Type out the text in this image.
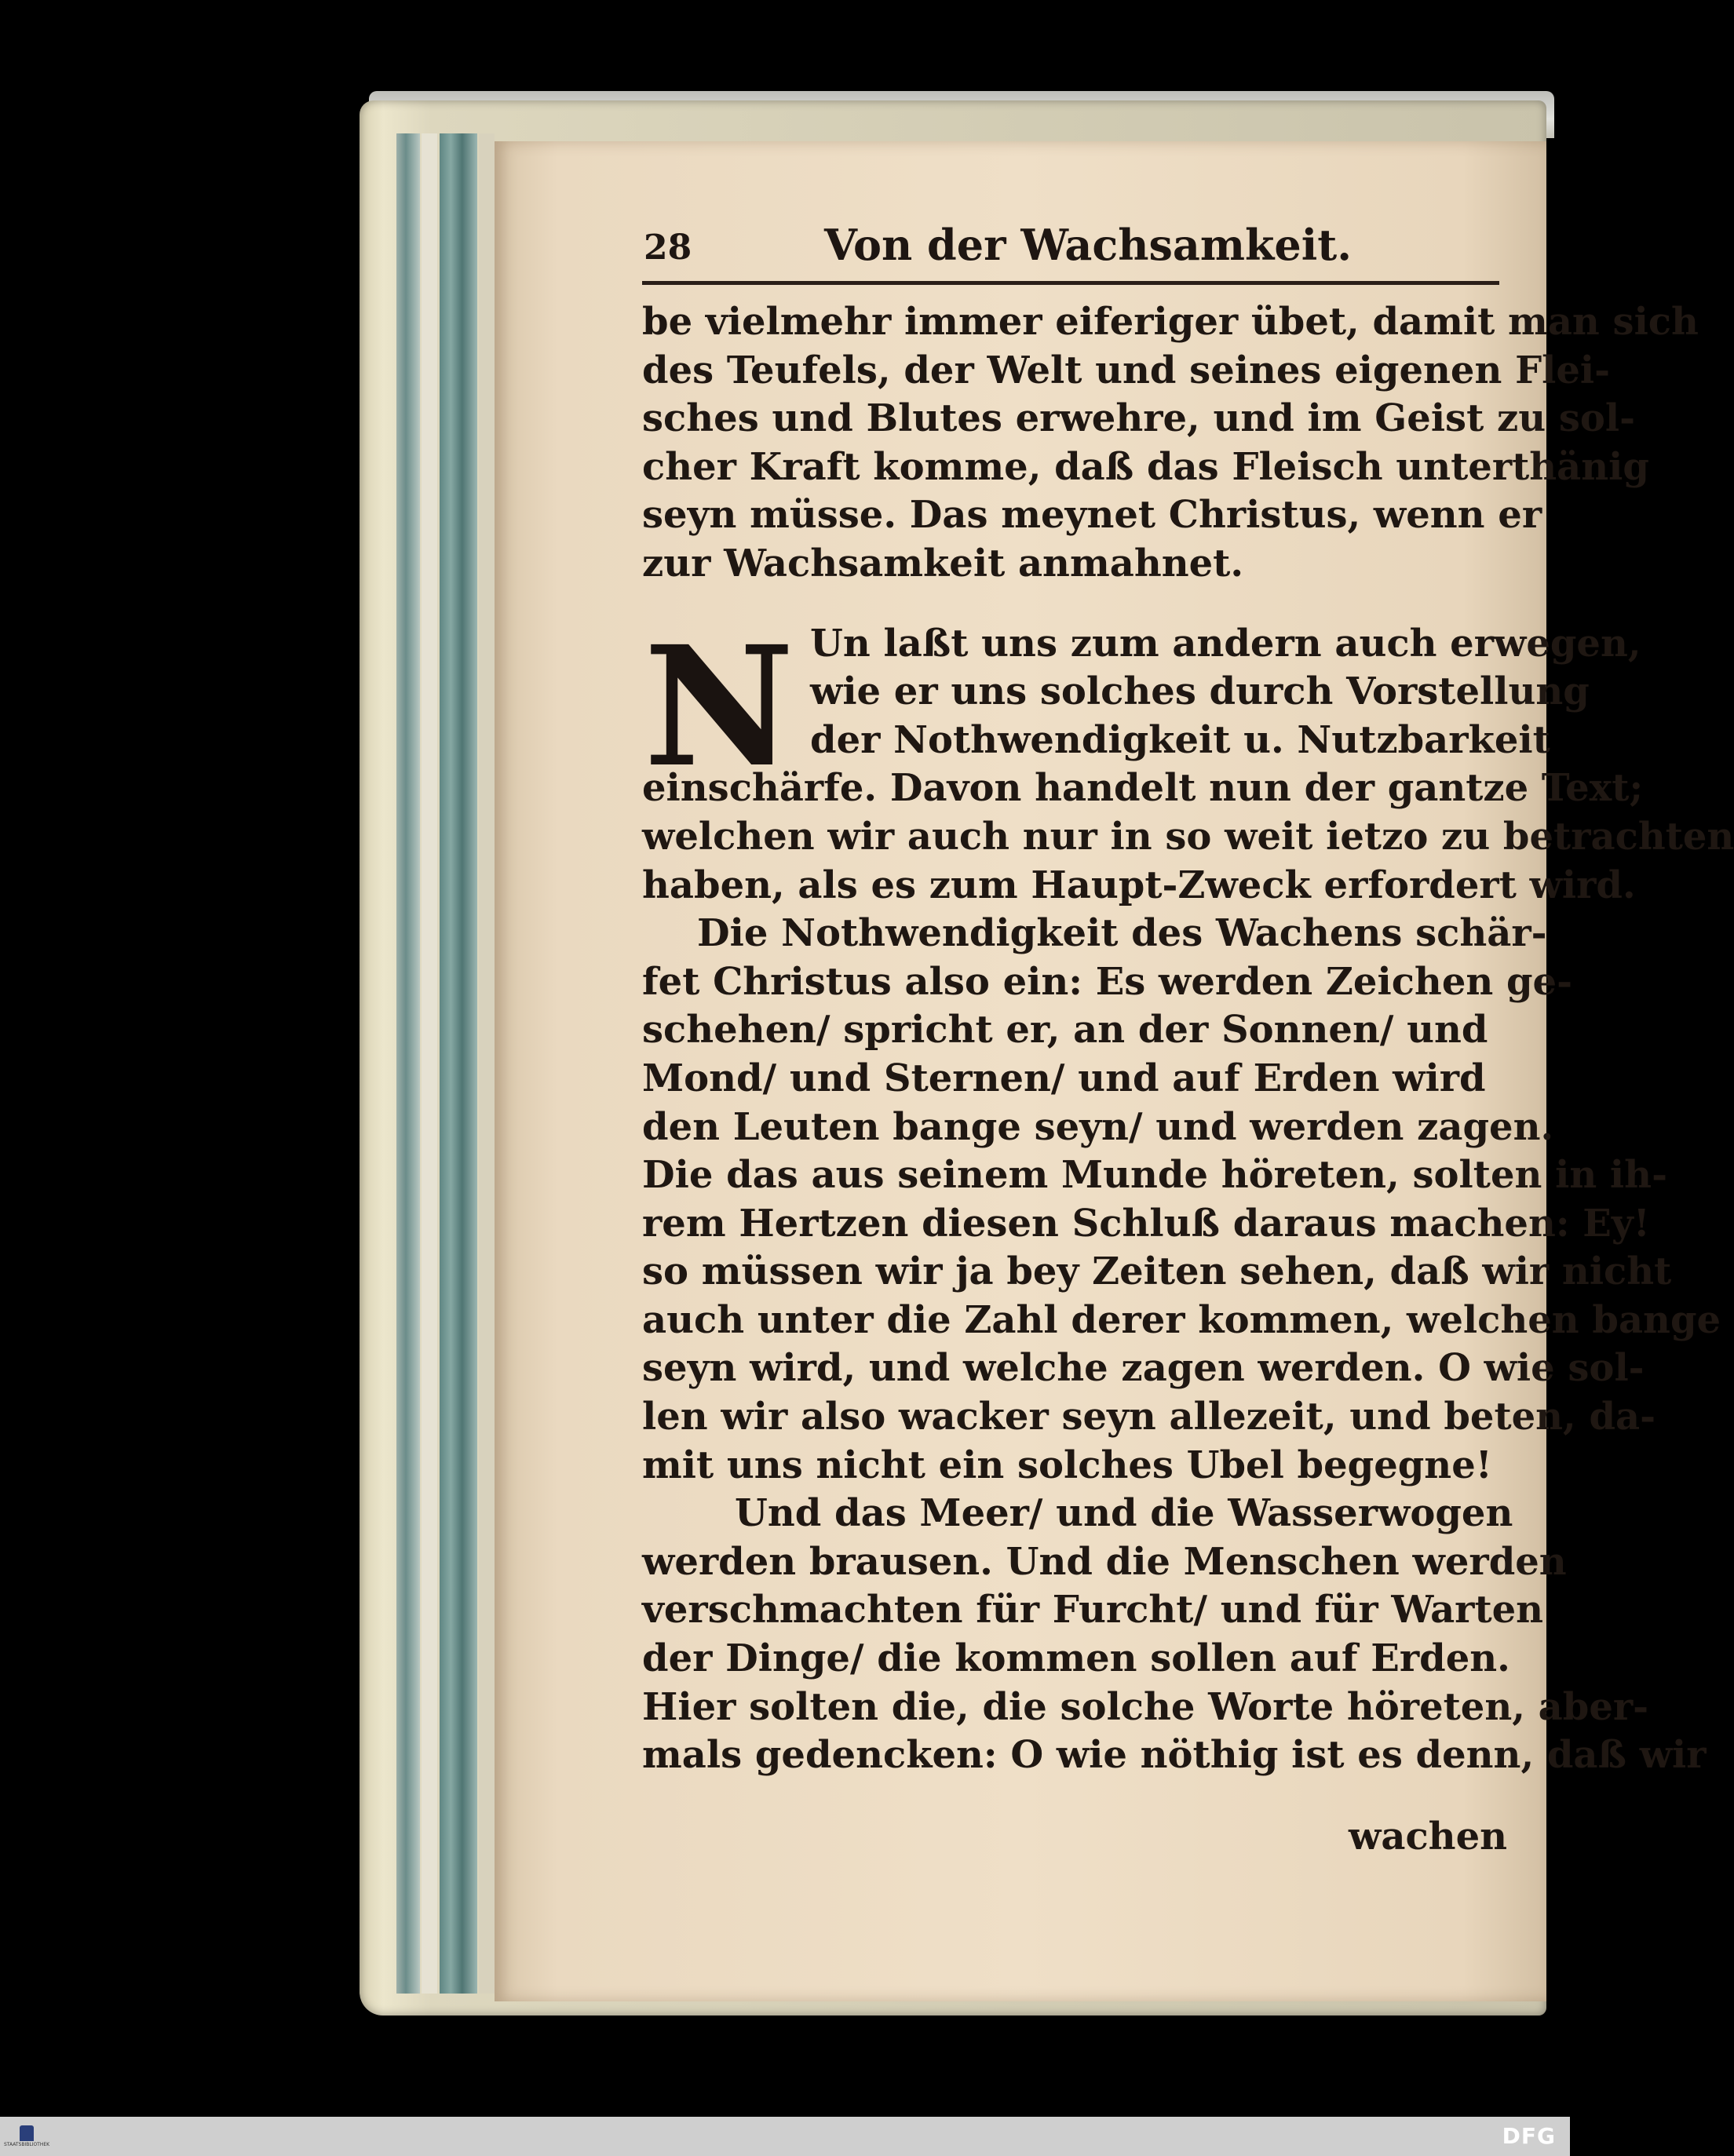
28	Von der Wachsamkeit.
be vielmehr immer eiferiger übet, damit man sich
des Teufels, der Welt und seines eigenen Flei-
sches und Blutes erwehre, und im Geist zu sol-
cher Kraft komme, daß das Fleisch unterthänig
seyn müsse. Das meynet Christus, wenn er
zur Wachsamkeit anmahnet.
N Un laßt uns zum andern auch erwegen,
wie er uns solches durch Vorstellung
der Nothwendigkeit u. Nutzbarkeit
einschärfe. Davon handelt nun der gantze Text;
welchen wir auch nur in so weit ietzo zu betrachten
haben, als es zum Haupt-Zweck erfordert wird.
Die Nothwendigkeit des Wachens schär-
fet Christus also ein: Es werden Zeichen ge-
schehen/ spricht er, an der Sonnen/ und
Mond/ und Sternen/ und auf Erden wird
den Leuten bange seyn/ und werden zagen.
Die das aus seinem Munde höreten, solten in ih-
rem Hertzen diesen Schluß daraus machen: Ey!
so müssen wir ja bey Zeiten sehen, daß wir nicht
auch unter die Zahl derer kommen, welchen bange
seyn wird, und welche zagen werden. O wie sol-
len wir also wacker seyn allezeit, und beten, da-
mit uns nicht ein solches Ubel begegne!
Und das Meer/ und die Wasserwogen
werden brausen. Und die Menschen werden
verschmachten für Furcht/ und für Warten
der Dinge/ die kommen sollen auf Erden.
Hier solten die, die solche Worte höreten, aber-
mals gedencken: O wie nöthig ist es denn, daß wir
wachen
STAATSBIBLIOTHEK	DFG
